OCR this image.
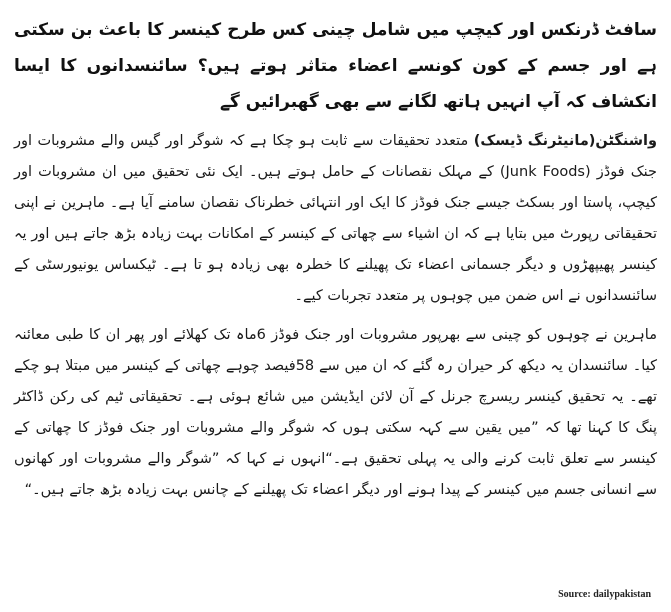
سافٹ ڈرنکس اور کیچپ میں شامل چینی کس طرح کینسر کا باعث بن سکتی ہے اور جسم کے کون کونسے اعضاء متاثر ہوتے ہیں؟ سائنسدانوں کا ایسا انکشاف کہ آپ انہیں ہاتھ لگانے سے بھی گھبرائیں گے

واشنگٹن(مانیٹرنگ ڈیسک) متعدد تحقیقات سے ثابت ہو چکا ہے کہ شوگر اور گیس والے مشروبات اور جنک فوڈز (Junk Foods) کے مہلک نقصانات کے حامل ہوتے ہیں۔ ایک نئی تحقیق میں ان مشروبات اور کیچپ، پاستا اور بسکٹ جیسے جنک فوڈز کا ایک اور انتہائی خطرناک نقصان سامنے آیا ہے۔ ماہرین نے اپنی تحقیقاتی رپورٹ میں بتایا ہے کہ ان اشیاء سے چھاتی کے کینسر کے امکانات بہت زیادہ بڑھ جاتے ہیں اور یہ کینسر پھیپھڑوں و دیگر جسمانی اعضاء تک پھیلنے کا خطرہ بھی زیادہ ہو تا ہے۔ ٹیکساس یونیورسٹی کے سائنسدانوں نے اس ضمن میں چوہوں پر متعدد تجربات کیے۔

ماہرین نے چوہوں کو چینی سے بھرپور مشروبات اور جنک فوڈز 6ماہ تک کھلائے اور پھر ان کا طبی معائنہ کیا۔ سائنسدان یہ دیکھ کر حیران رہ گئے کہ ان میں سے 58فیصد چوہے چھاتی کے کینسر میں مبتلا ہو چکے تھے۔ یہ تحقیق کینسر ریسرچ جرنل کے آن لائن ایڈیشن میں شائع ہوئی ہے۔ تحقیقاتی ٹیم کی رکن ڈاکٹر پنگ کا کہنا تھا کہ ”میں یقین سے کہہ سکتی ہوں کہ شوگر والے مشروبات اور جنک فوڈز کا چھاتی کے کینسر سے تعلق ثابت کرنے والی یہ پہلی تحقیق ہے۔“انہوں نے کہا کہ ”شوگر والے مشروبات اور کھانوں سے انسانی جسم میں کینسر کے پیدا ہونے اور دیگر اعضاء تک پھیلنے کے چانس بہت زیادہ بڑھ جاتے ہیں۔“

Source: dailypakistan
